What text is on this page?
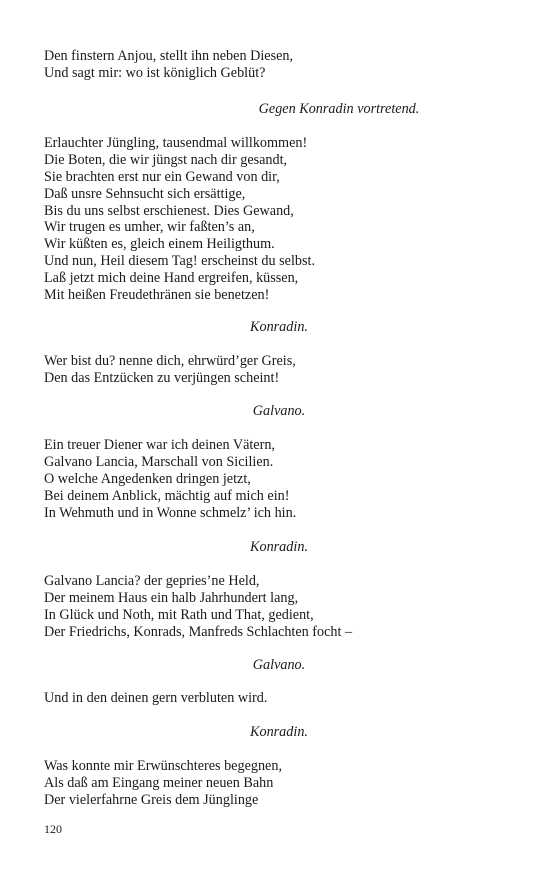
Den finstern Anjou, stellt ihn neben Diesen,
Und sagt mir: wo ist königlich Geblüt?
Gegen Konradin vortretend.
Erlauchter Jüngling, tausendmal willkommen!
Die Boten, die wir jüngst nach dir gesandt,
Sie brachten erst nur ein Gewand von dir,
Daß unsre Sehnsucht sich ersättige,
Bis du uns selbst erschienest. Dies Gewand,
Wir trugen es umher, wir faßten’s an,
Wir küßten es, gleich einem Heiligthum.
Und nun, Heil diesem Tag! erscheinst du selbst.
Laß jetzt mich deine Hand ergreifen, küssen,
Mit heißen Freudethränen sie benetzen!
Konradin.
Wer bist du? nenne dich, ehrwürd’ger Greis,
Den das Entzücken zu verjüngen scheint!
Galvano.
Ein treuer Diener war ich deinen Vätern,
Galvano Lancia, Marschall von Sicilien.
O welche Angedenken dringen jetzt,
Bei deinem Anblick, mächtig auf mich ein!
In Wehmuth und in Wonne schmelz’ ich hin.
Konradin.
Galvano Lancia? der gepries’ne Held,
Der meinem Haus ein halb Jahrhundert lang,
In Glück und Noth, mit Rath und That, gedient,
Der Friedrichs, Konrads, Manfreds Schlachten focht –
Galvano.
Und in den deinen gern verbluten wird.
Konradin.
Was konnte mir Erwünschteres begegnen,
Als daß am Eingang meiner neuen Bahn
Der vielerfahrne Greis dem Jünglinge
120
